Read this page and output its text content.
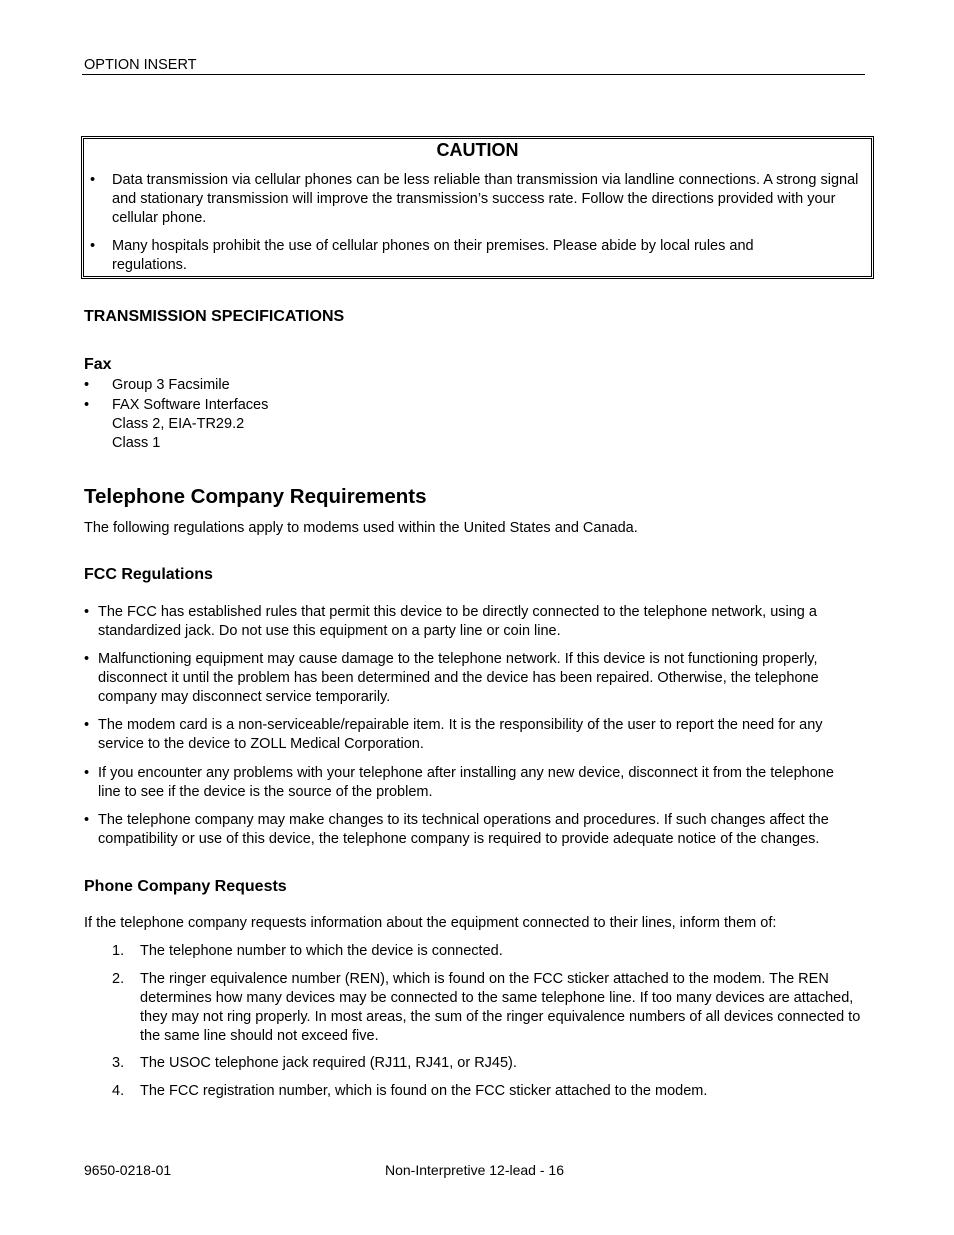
OPTION INSERT
CAUTION
• Data transmission via cellular phones can be less reliable than transmission via landline connections. A strong signal and stationary transmission will improve the transmission’s success rate. Follow the directions provided with your cellular phone.
• Many hospitals prohibit the use of cellular phones on their premises. Please abide by local rules and regulations.
TRANSMISSION SPECIFICATIONS
Fax
• Group 3 Facsimile
• FAX Software Interfaces
Class 2, EIA-TR29.2
Class 1
Telephone Company Requirements
The following regulations apply to modems used within the United States and Canada.
FCC Regulations
• The FCC has established rules that permit this device to be directly connected to the telephone network, using a standardized jack. Do not use this equipment on a party line or coin line.
• Malfunctioning equipment may cause damage to the telephone network. If this device is not functioning properly, disconnect it until the problem has been determined and the device has been repaired. Otherwise, the telephone company may disconnect service temporarily.
• The modem card is a non-serviceable/repairable item. It is the responsibility of the user to report the need for any service to the device to ZOLL Medical Corporation.
• If you encounter any problems with your telephone after installing any new device, disconnect it from the telephone line to see if the device is the source of the problem.
• The telephone company may make changes to its technical operations and procedures. If such changes affect the compatibility or use of this device, the telephone company is required to provide adequate notice of the changes.
Phone Company Requests
If the telephone company requests information about the equipment connected to their lines, inform them of:
1. The telephone number to which the device is connected.
2. The ringer equivalence number (REN), which is found on the FCC sticker attached to the modem. The REN determines how many devices may be connected to the same telephone line. If too many devices are attached, they may not ring properly. In most areas, the sum of the ringer equivalence numbers of all devices connected to the same line should not exceed five.
3. The USOC telephone jack required (RJ11, RJ41, or RJ45).
4. The FCC registration number, which is found on the FCC sticker attached to the modem.
9650-0218-01	Non-Interpretive 12-lead - 16
